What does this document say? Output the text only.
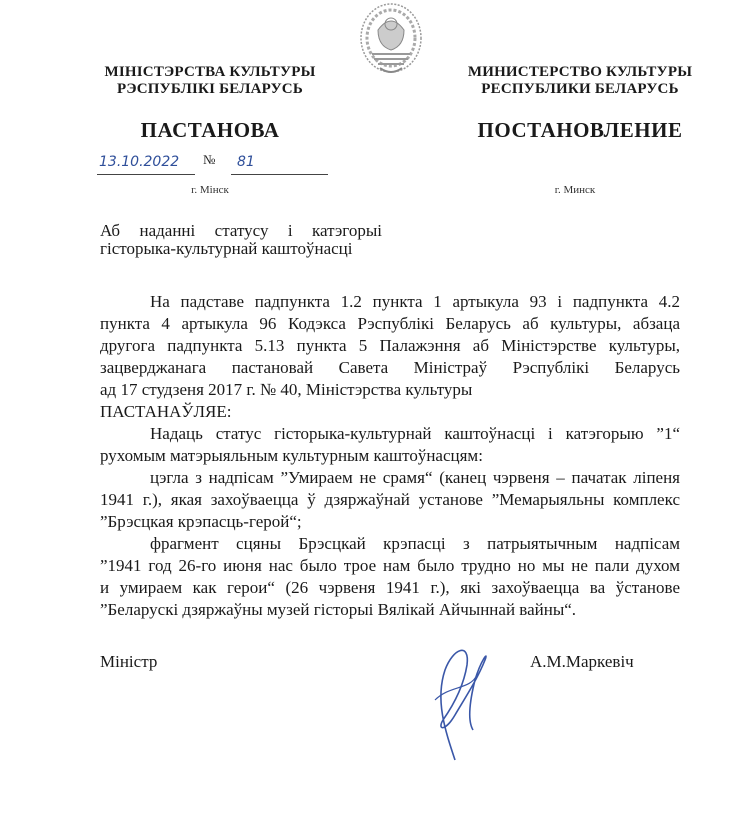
МІНІСТЭРСТВА КУЛЬТУРЫ
РЭСПУБЛІКІ БЕЛАРУСЬ
МИНИСТЕРСТВО КУЛЬТУРЫ
РЕСПУБЛИКИ БЕЛАРУСЬ
ПАСТАНОВА	ПОСТАНОВЛЕНИЕ
13.10.2022 № 81
г. Мінск	г. Минск
Аб наданні статусу і катэгорыі
гісторыка-культурнай каштоўнасці
На падставе падпункта 1.2 пункта 1 артыкула 93 і падпункта 4.2
пункта 4 артыкула 96 Кодэкса Рэспублікі Беларусь аб культуры, абзаца
другога падпункта 5.13 пункта 5 Палажэння аб Міністэрстве культуры,
зацверджанага пастановай Савета Міністраў Рэспублікі Беларусь
ад 17 студзеня 2017 г. № 40, Міністэрства культуры
ПАСТАНАЎЛЯЕ:
Надаць статус гісторыка-культурнай каштоўнасці і катэгорыю ”1“
рухомым матэрыяльным культурным каштоўнасцям:
цэгла з надпісам ”Умираем не срамя“ (канец чэрвеня – пачатак ліпеня
1941 г.), якая захоўваецца ў дзяржаўнай установе ”Мемарыяльны комплекс
”Брэсцкая крэпасць-герой“;
фрагмент сцяны Брэсцкай крэпасці з патрыятычным надпісам
”1941 год 26-го июня нас было трое нам было трудно но мы не пали духом
и умираем как герои“ (26 чэрвеня 1941 г.), які захоўваецца ва ўстанове
”Беларускі дзяржаўны музей гісторыі Вялікай Айчыннай вайны“.
Міністр	А.М.Маркевіч
